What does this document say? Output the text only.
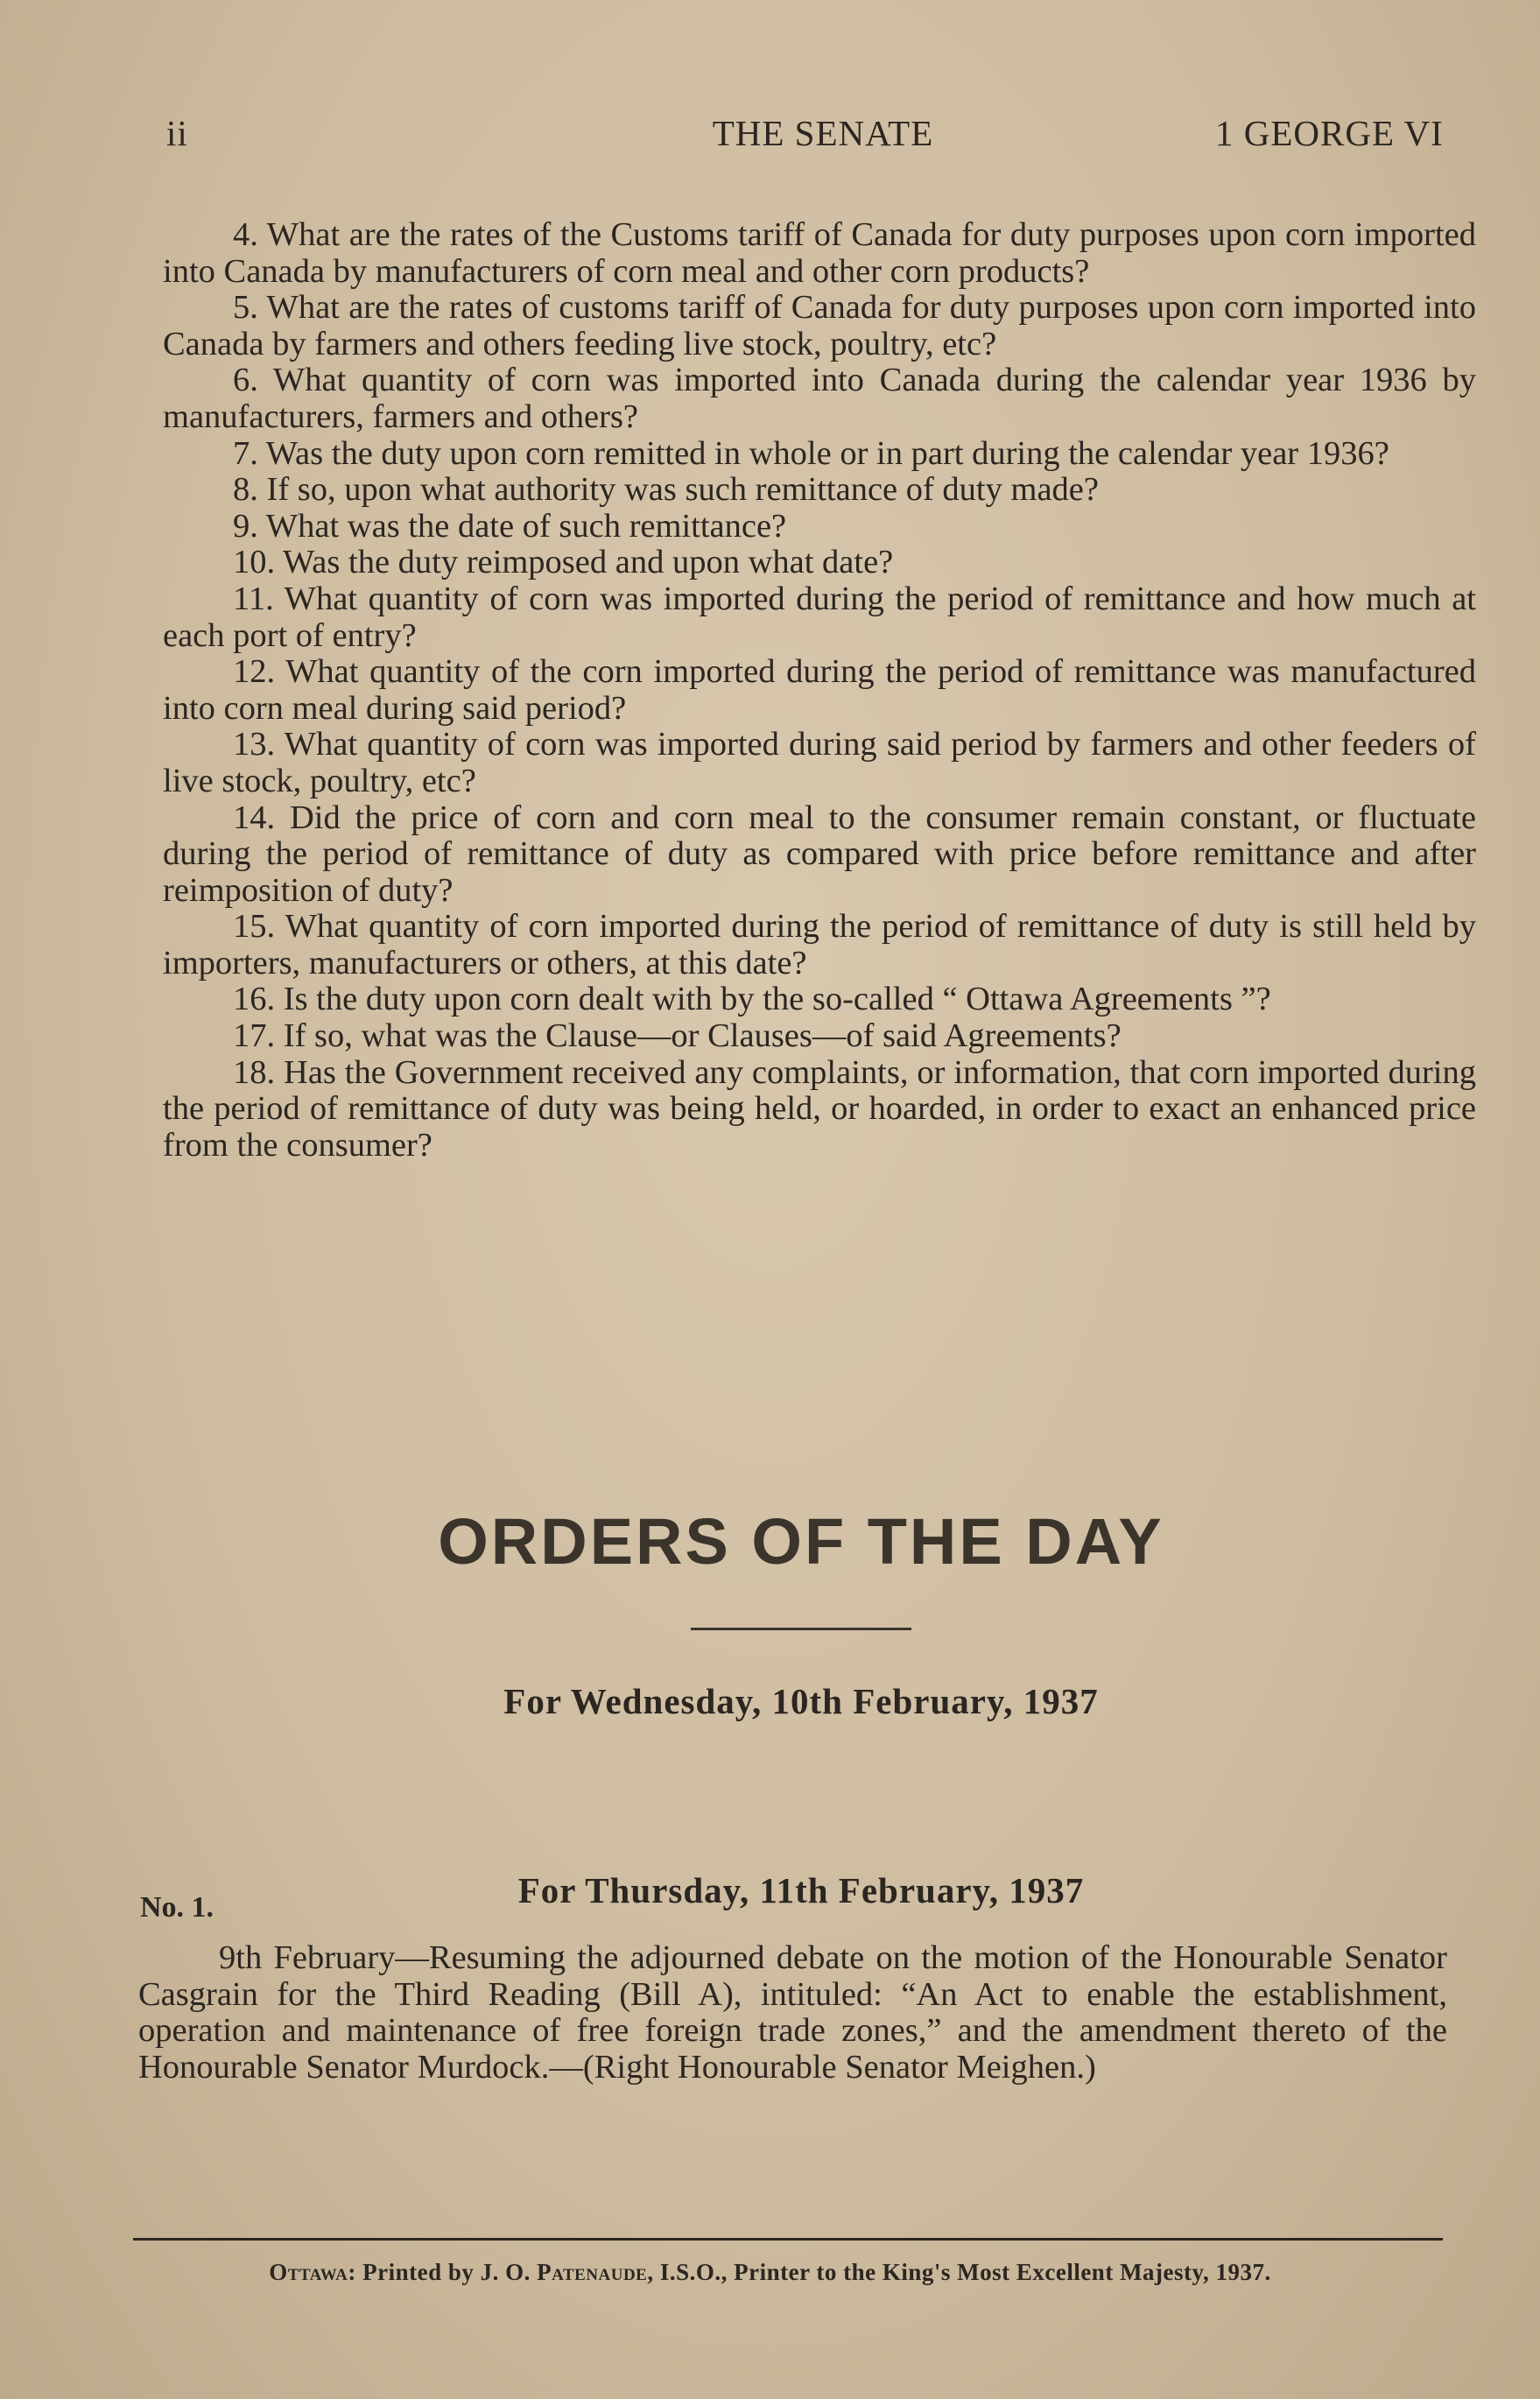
ii	THE SENATE	1 GEORGE VI

4. What are the rates of the Customs tariff of Canada for duty purposes upon corn imported into Canada by manufacturers of corn meal and other corn products?

5. What are the rates of customs tariff of Canada for duty purposes upon corn imported into Canada by farmers and others feeding live stock, poultry, etc?

6. What quantity of corn was imported into Canada during the calendar year 1936 by manufacturers, farmers and others?

7. Was the duty upon corn remitted in whole or in part during the calendar year 1936?

8. If so, upon what authority was such remittance of duty made?

9. What was the date of such remittance?

10. Was the duty reimposed and upon what date?

11. What quantity of corn was imported during the period of remittance and how much at each port of entry?

12. What quantity of the corn imported during the period of remittance was manufactured into corn meal during said period?

13. What quantity of corn was imported during said period by farmers and other feeders of live stock, poultry, etc?

14. Did the price of corn and corn meal to the consumer remain constant, or fluctuate during the period of remittance of duty as compared with price before remittance and after reimposition of duty?

15. What quantity of corn imported during the period of remittance of duty is still held by importers, manufacturers or others, at this date?

16. Is the duty upon corn dealt with by the so-called “ Ottawa Agreements ”?

17. If so, what was the Clause—or Clauses—of said Agreements?

18. Has the Government received any complaints, or information, that corn imported during the period of remittance of duty was being held, or hoarded, in order to exact an enhanced price from the consumer?

ORDERS OF THE DAY
For Wednesday, 10th February, 1937
No. 1.	For Thursday, 11th February, 1937

9th February—Resuming the adjourned debate on the motion of the Honourable Senator Casgrain for the Third Reading (Bill A), intituled: “An Act to enable the establishment, operation and maintenance of free foreign trade zones,” and the amendment thereto of the Honourable Senator Murdock.—(Right Honourable Senator Meighen.)

Ottawa: Printed by J. O. Patenaude, I.S.O., Printer to the King's Most Excellent Majesty, 1937.
